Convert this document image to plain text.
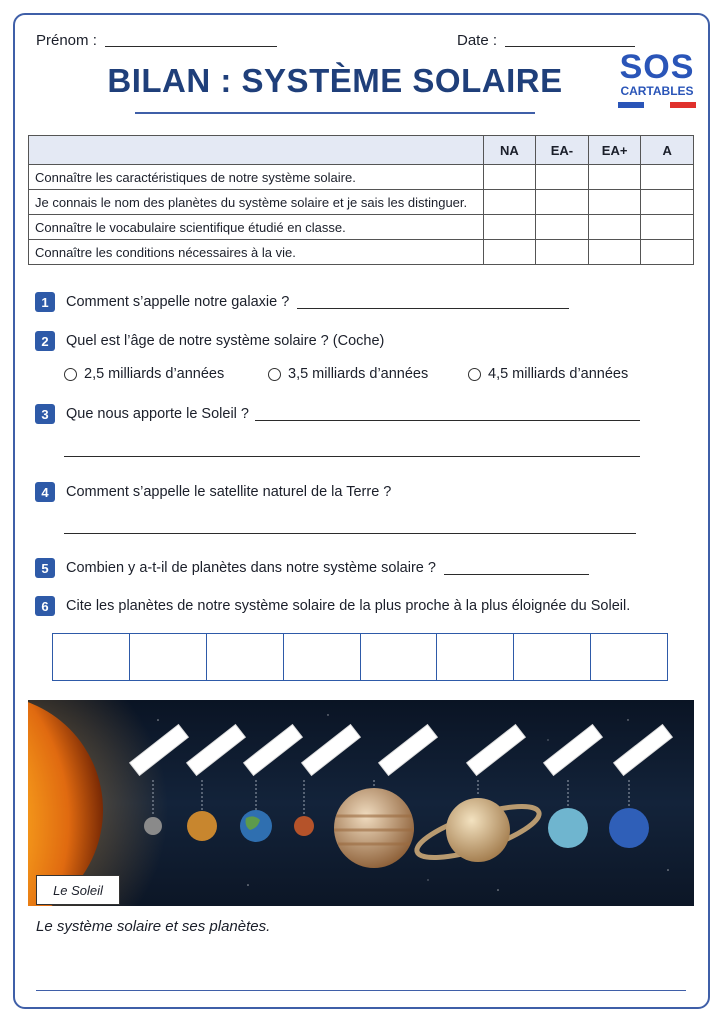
Prénom :	Date :
BILAN : SYSTÈME SOLAIRE SOS
CARTABLES
	NA	EA-	EA+	A
Connaître les caractéristiques de notre système solaire.				
Je connais le nom des planètes du système solaire et je sais les distinguer.				
Connaître le vocabulaire scientifique étudié en classe.				
Connaître les conditions nécessaires à la vie.				
1	Comment s’appelle notre galaxie ?
2	Quel est l’âge de notre système solaire ? (Coche)
2,5 milliards d’années	3,5 milliards d’années	4,5 milliards d’années
3	Que nous apporte le Soleil ?
4	Comment s’appelle le satellite naturel de la Terre ?
5	Combien y a-t-il de planètes dans notre système solaire ?
6	Cite les planètes de notre système solaire de la plus proche à la plus éloignée du Soleil.
Le Soleil
Le système solaire et ses planètes.
